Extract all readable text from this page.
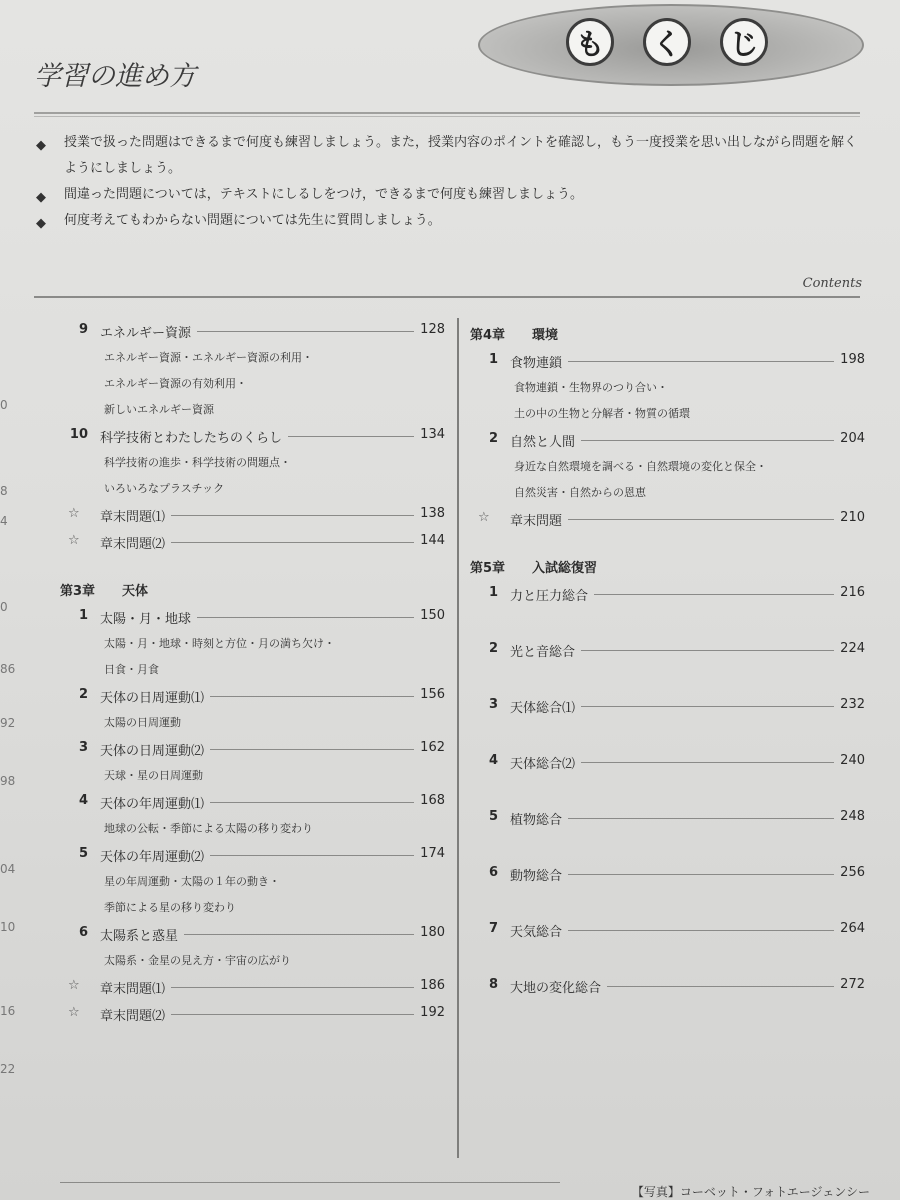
0
8
4
0
86
92
98
04
10
16
22
学習の進め方
も	く	じ
◆ 授業で扱った問題はできるまで何度も練習しましょう。また，授業内容のポイントを確認し，もう一度授業を思い出しながら問題を解くようにしましょう。
◆ 間違った問題については，テキストにしるしをつけ，できるまで何度も練習しましょう。
◆ 何度考えてもわからない問題については先生に質問しましょう。
Contents
9 エネルギー資源	128
エネルギー資源・エネルギー資源の利用・
エネルギー資源の有効利用・
新しいエネルギー資源
10 科学技術とわたしたちのくらし	134
科学技術の進歩・科学技術の問題点・
いろいろなプラスチック
☆ 章末問題⑴	138
☆ 章末問題⑵	144
第3章 天体
1 太陽・月・地球	150
太陽・月・地球・時刻と方位・月の満ち欠け・
日食・月食
2 天体の日周運動⑴	156
太陽の日周運動
3 天体の日周運動⑵	162
天球・星の日周運動
4 天体の年周運動⑴	168
地球の公転・季節による太陽の移り変わり
5 天体の年周運動⑵	174
星の年周運動・太陽の１年の動き・
季節による星の移り変わり
6 太陽系と惑星	180
太陽系・金星の見え方・宇宙の広がり
☆ 章末問題⑴	186
☆ 章末問題⑵	192
第4章 環境
1 食物連鎖	198
食物連鎖・生物界のつり合い・
土の中の生物と分解者・物質の循環
2 自然と人間	204
身近な自然環境を調べる・自然環境の変化と保全・
自然災害・自然からの恩恵
☆ 章末問題	210
第5章 入試総復習
1 力と圧力総合	216
2 光と音総合	224
3 天体総合⑴	232
4 天体総合⑵	240
5 植物総合	248
6 動物総合	256
7 天気総合	264
8 大地の変化総合	272
【写真】コーベット・フォトエージェンシー
